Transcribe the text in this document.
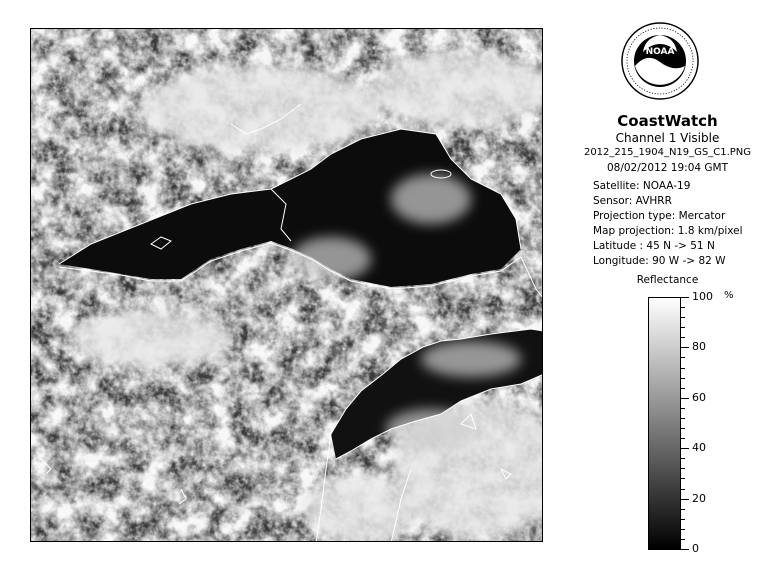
NOAA
CoastWatch
Channel 1 Visible
2012_215_1904_N19_GS_C1.PNG
08/02/2012 19:04 GMT
Satellite: NOAA-19
Sensor: AVHRR
Projection type: Mercator
Map projection: 1.8 km/pixel
Latitude : 45 N -> 51 N
Longitude: 90 W -> 82 W
Reflectance
%
100
80
60
40
20
0
